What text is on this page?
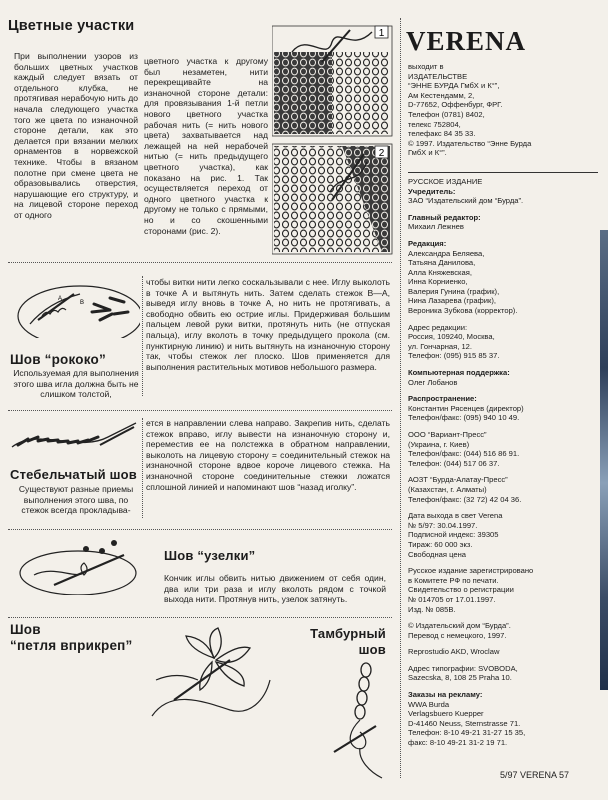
Цветные участки
При выполнении узоров из больших цветных участков каждый следует вязать от отдельного клубка, не протягивая нерабочую нить до начала следующего участка того же цвета по изнаночной стороне детали, как это делается при вязании мелких орнаментов в норвежской технике. Чтобы в вязаном полотне при смене цвета не образовывались отверстия, нарушающие его структуру, и на лицевой стороне переход от одного
цветного участка к другому был незаметен, нити перекрещивайте на изнаночной стороне детали: для провязывания 1-й петли нового цветного участка рабочая нить (= нить нового цвета) захватывается над лежащей на ней нерабочей нитью (= нить предыдущего цветного участка), как показано на рис. 1. Так осуществляется переход от одного цветного участка к другому не только с прямыми, но и со скошенными сторонами (рис. 2).
1
2
A
B
Шов “рококо”
Используемая для выполнения этого шва игла должна быть не слишком толстой,
чтобы витки нити легко соскальзывали с нее. Иглу выколоть в точке А и вытянуть нить. Затем сделать стежок В—А, выведя иглу вновь в точке А, но нить не протягивать, а свободно обвить ею острие иглы. Придерживая большим пальцем левой руки витки, протянуть нить (не отпуская пальца), иглу вколоть в точку предыдущего прокола (см. пунктирную линию) и нить вытянуть на изнаночную сторону так, чтобы стежок лег плоско. Шов применяется для выполнения растительных мотивов небольшого размера.
Стебельчатый шов
Существуют разные приемы выполнения этого шва, по стежок всегда прокладыва-
ется в направлении слева направо. Закрепив нить, сделать стежок вправо, иглу вывести на изнаночную сторону и, переместив ее на полстежка в обратном направлении, выколоть на лицевую сторону = соединительный стежок на изнаночной стороне вдвое короче лицевого стежка. На изнаночной стороне соединительные стежки ложатся сплошной линией и напоминают шов “назад иголку”.
Шов “узелки”
Кончик иглы обвить нитью движением от себя один, два или три раза и иглу вколоть рядом с точкой выхода нити. Протянув нить, узелок затянуть.
Шов
“петля вприкреп”
Тамбурный
шов
VERENA
выходит в
ИЗДАТЕЛЬСТВЕ
“ЭННЕ БУРДА ГмбХ и К°”,
Ам Кестендамм, 2,
D-77652, Оффенбург, ФРГ.
Телефон (0781) 8402,
телекс 752804,
телефакс 84 35 33.
© 1997. Издательство “Энне Бурда
ГмбХ и К°”.
РУССКОЕ ИЗДАНИЕ
Учредитель:
ЗАО “Издательский дом “Бурда”.
Главный редактор:
Михаил Лежнев
Редакция:
Александра Беляева,
Татьяна Данилова,
Алла Княжевская,
Инна Корниенко,
Валерия Гунина (график),
Нина Лазарева (график),
Вероника Зубкова (корректор).
Адрес редакции:
Россия, 109240, Москва,
ул. Гончарная, 12.
Телефон: (095) 915 85 37.
Компьютерная поддержка:
Олег Лобанов
Распространение:
Константин Рясенцев (директор)
Телефон/факс: (095) 940 10 49.
ООО “Вариант-Пресс”
(Украина, г. Киев)
Телефон/факс: (044) 516 86 91.
Телефон: (044) 517 06 37.
АОЗТ “Бурда-Алатау-Пресс”
(Казахстан, г. Алматы)
Телефон/факс: (32 72) 42 04 36.
Дата выхода в свет Verena
№ 5/97: 30.04.1997.
Подписной индекс: 39305
Тираж: 60 000 экз.
Свободная цена
Русское издание зарегистрировано
в Комитете РФ по печати.
Свидетельство о регистрации
№ 014705 от 17.01.1997.
Изд. № 085В.
© Издательский дом “Бурда”.
Перевод с немецкого, 1997.
Reprostudio AKD, Wroclaw
Адрес типографии: SVOBODA,
Sazecska, 8, 108 25 Praha 10.
Заказы на рекламу:
WWA Burda
Verlagsbuero Kuepper
D-41460 Neuss, Sternstrasse 71.
Телефон: 8-10 49-21 31-27 15 35,
факс: 8-10 49-21 31-2 19 71.
5/97 VERENA 57
